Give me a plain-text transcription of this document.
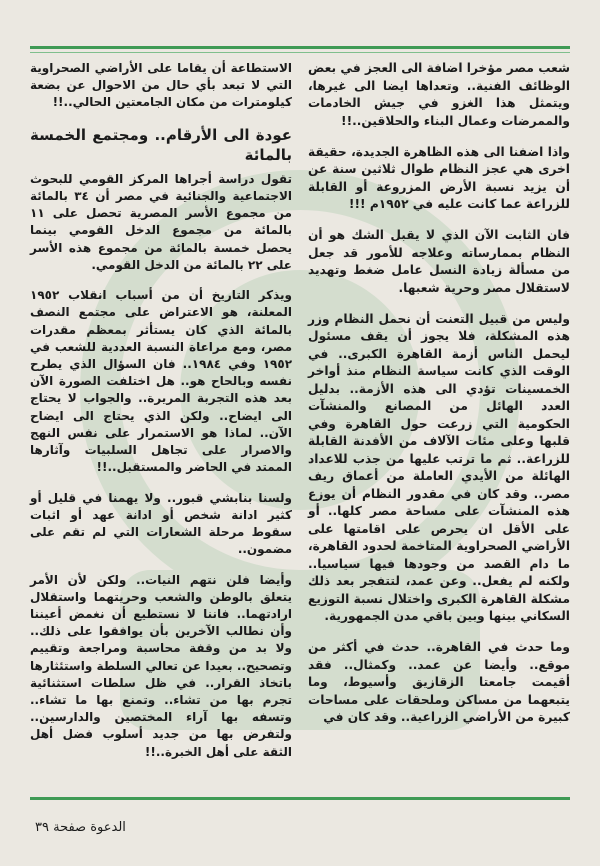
شعب مصر مؤخرا اضافة الى العجز في بعض الوظائف الفنية.. وتعداها ايضا الى غيرها، ويتمثل هذا الغزو في جيش الخادمات والممرضات وعمال البناء والحلاقين..!!

واذا اضفنا الى هذه الظاهرة الجديدة، حقيقة اخرى هي عجز النظام طوال ثلاثين سنة عن أن يزيد نسبة الأرض المزروعة أو القابلة للزراعة عما كانت عليه في ١٩٥٢م !!!

فان الثابت الآن الذي لا يقبل الشك هو أن النظام بممارساته وعلاجه للأمور قد جعل من مسألة زيادة النسل عامل ضغط وتهديد لاستقلال مصر وحرية شعبها.

وليس من قبيل التعنت أن نحمل النظام وزر هذه المشكلة، فلا يجوز أن يقف مسئول ليحمل الناس أزمة القاهرة الكبرى.. في الوقت الذي كانت سياسة النظام منذ أواخر الخمسينات تؤدي الى هذه الأزمة.. بدليل العدد الهائل من المصانع والمنشآت الحكومية التي زرعت حول القاهرة وفي قلبها وعلى مئات الآلاف من الأفدنة القابلة للزراعة.. ثم ما ترتب عليها من جذب للاعداد الهائلة من الأيدي العاملة من أعماق ريف مصر.. وقد كان في مقدور النظام أن يوزع هذه المنشآت على مساحة مصر كلها.. أو على الأقل ان يحرص على اقامتها على الأراضي الصحراوية المتاخمة لحدود القاهرة، ما دام القصد من وجودها فيها سياسيا.. ولكنه لم يفعل.. وعن عمد، لتتفجر بعد ذلك مشكلة القاهرة الكبرى واختلال نسبة التوزيع السكاني بينها وبين باقي مدن الجمهورية.

وما حدث في القاهرة.. حدث في أكثر من موقع.. وأيضا عن عمد.. وكمثال.. فقد أقيمت جامعتا الزقازيق وأسيوط، وما يتبعهما من مساكن وملحقات على مساحات كبيرة من الأراضي الزراعية.. وقد كان في

الاستطاعة أن يقاما على الأراضي الصحراوية التي لا تبعد بأي حال من الاحوال عن بضعة كيلومترات من مكان الجامعتين الحالي..!!

عودة الى الأرقام.. ومجتمع الخمسة بالمائة

تقول دراسة أجراها المركز القومي للبحوث الاجتماعية والجنائية في مصر أن ٣٤ بالمائة من مجموع الأسر المصرية تحصل على ١١ بالمائة من مجموع الدخل القومي بينما يحصل خمسة بالمائة من مجموع هذه الأسر على ٢٢ بالمائة من الدخل القومي.

ويذكر التاريخ أن من أسباب انقلاب ١٩٥٢ المعلنة، هو الاعتراض على مجتمع النصف بالمائة الذي كان يستأثر بمعظم مقدرات مصر، ومع مراعاة النسبة العددية للشعب في ١٩٥٢ وفي ١٩٨٤.. فان السؤال الذي يطرح نفسه وبالحاح هو.. هل اختلفت الصورة الآن بعد هذه التجربة المريرة.. والجواب لا يحتاج الى ايضاح.. ولكن الذي يحتاج الى ايضاح الآن.. لماذا هو الاستمرار على نفس النهج والاصرار على تجاهل السلبيات وآثارها الممتد في الحاضر والمستقبل..!!

ولسنا بنابشي قبور.. ولا يهمنا في قليل أو كثير ادانة شخص أو ادانة عهد أو اثبات سقوط مرحلة الشعارات التي لم تقم على مضمون..

وأيضا فلن نتهم النيات.. ولكن لأن الأمر يتعلق بالوطن والشعب وحريتهما واستقلال ارادتهما.. فاننا لا نستطيع أن نغمض أعيننا وأن نطالب الآخرين بأن يوافقوا على ذلك.. ولا بد من وقفة محاسبة ومراجعة وتقييم وتصحيح.. بعيدا عن تعالي السلطة واستئثارها باتخاذ القرار.. في ظل سلطات استثنائية تجرم بها من تشاء.. وتمنع بها ما تشاء.. وتسفه بها آراء المختصين والدارسين.. ولتفرض بها من جديد أسلوب فضل أهل الثقة على أهل الخبرة..!!

الدعوة صفحة ٣٩
